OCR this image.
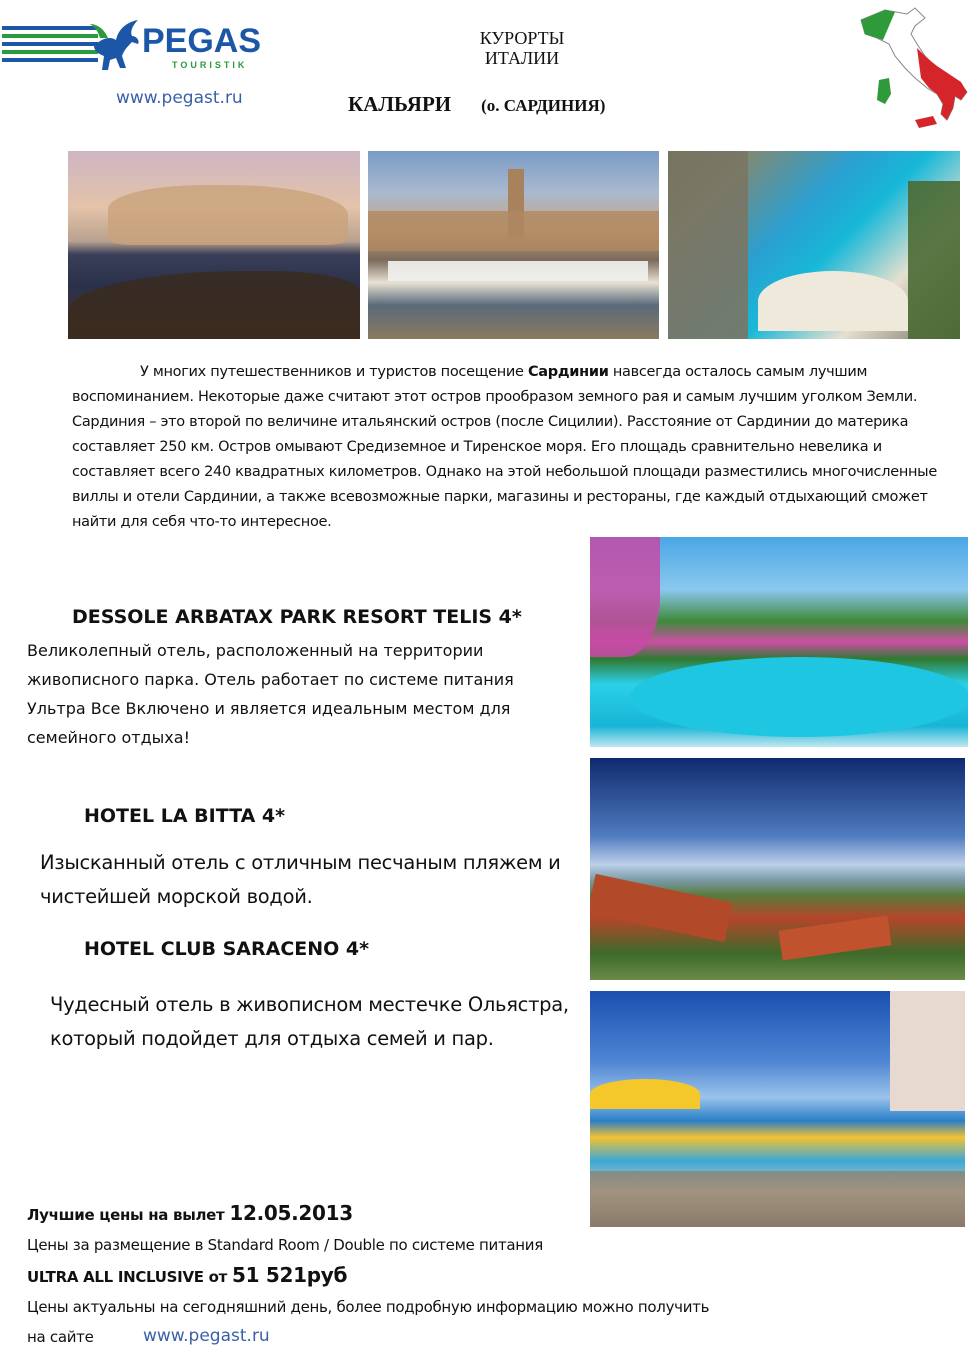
PEGAS
TOURISTIK
www.pegast.ru
КУРОРТЫ
ИТАЛИИ
КАЛЬЯРИ (о. САРДИНИЯ)
У многих путешественников и туристов посещение Сардинии навсегда осталось самым лучшим воспоминанием. Некоторые даже считают этот остров прообразом земного рая и самым лучшим уголком Земли. Сардиния – это второй по величине итальянский остров (после Сицилии). Расстояние от Сардинии до материка составляет 250 км. Остров омывают Средиземное и Тиренское моря. Его площадь сравнительно невелика и составляет всего 240 квадратных километров. Однако на этой небольшой площади разместились многочисленные виллы и отели Сардинии, а также всевозможные парки, магазины и рестораны, где каждый отдыхающий сможет найти для себя что-то интересное.
DESSOLE ARBATAX PARK RESORT TELIS 4*
Великолепный отель, расположенный на территории живописного парка. Отель работает по системе питания Ультра Все Включено и является идеальным местом для семейного отдыха!
HOTEL LA BITTA 4*
Изысканный отель с отличным песчаным пляжем и чистейшей морской водой.
HOTEL CLUB SARACENO 4*
Чудесный отель в живописном местечке Ольястра, который подойдет для отдыха семей и пар.
Лучшие цены на вылет 12.05.2013
Цены за размещение в Standard Room / Double по системе питания
ULTRA ALL INCLUSIVE от 51 521руб
Цены актуальны на сегодняшний день, более подробную информацию можно получить
на сайте	www.pegast.ru
